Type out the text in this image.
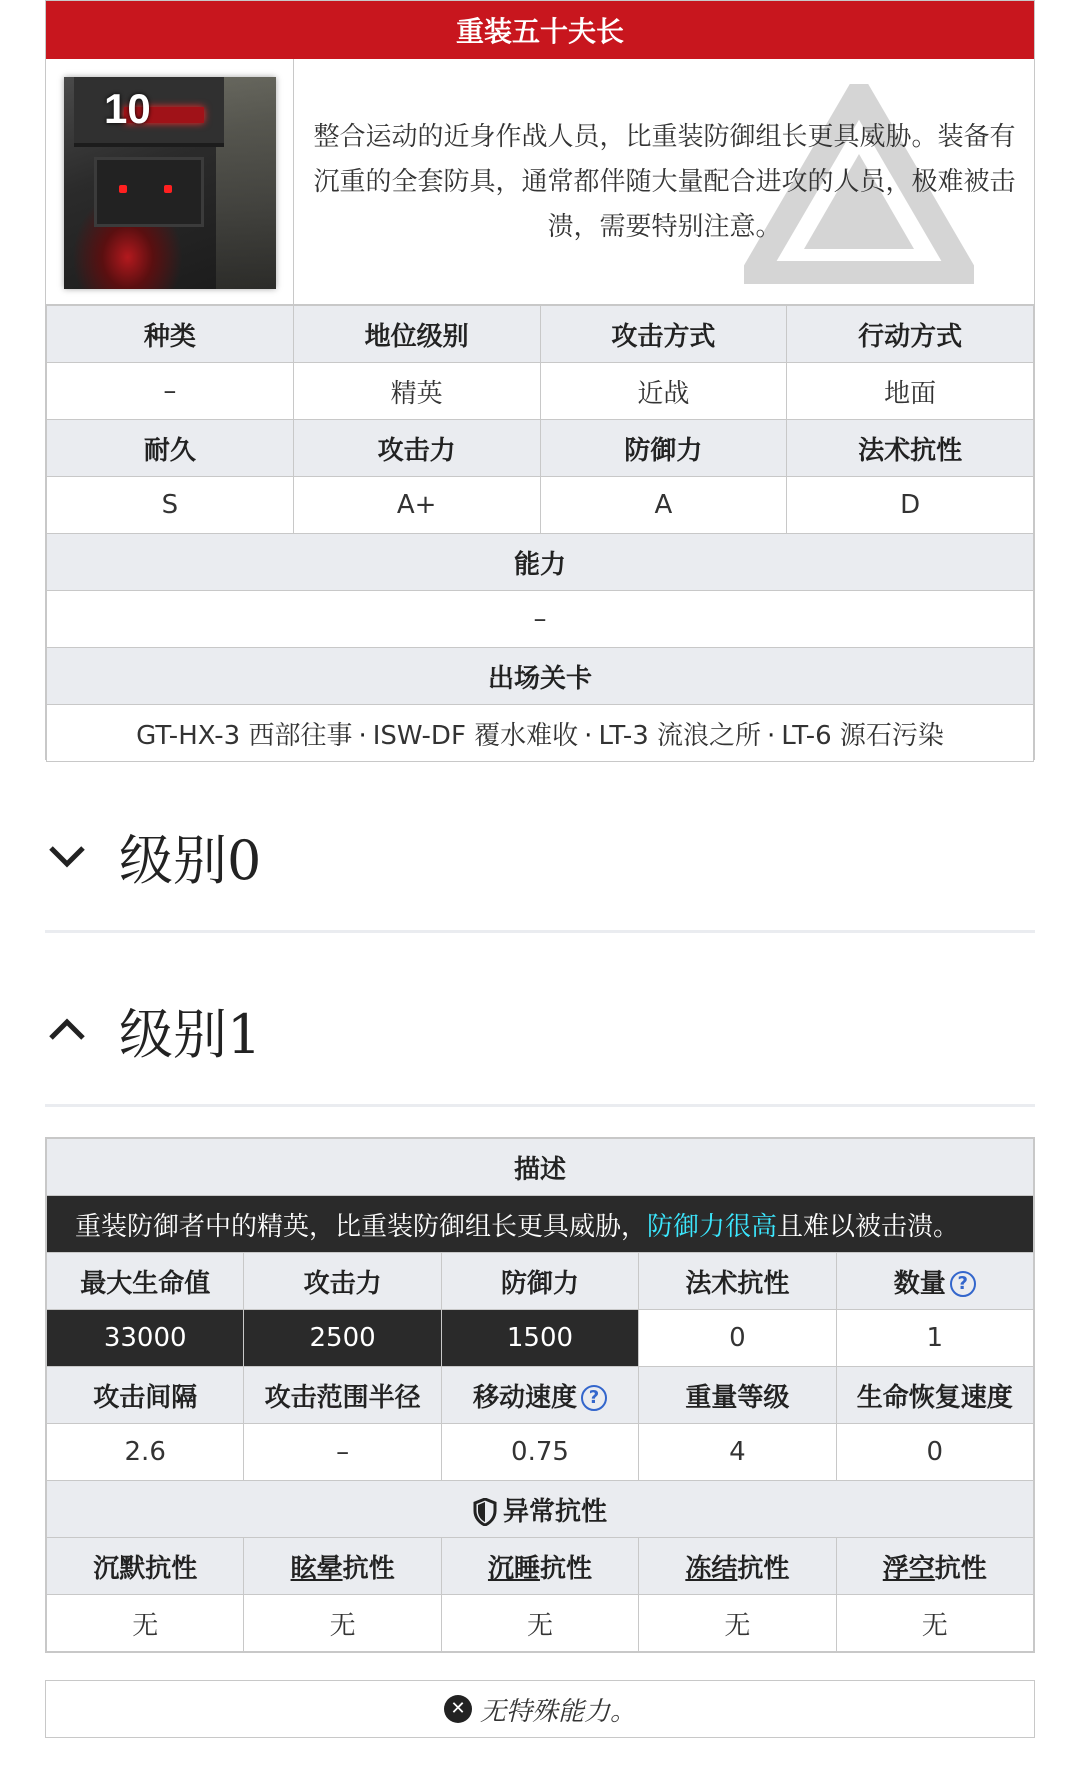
重装五十夫长
10
整合运动的近身作战人员，比重装防御组长更具威胁。装备有沉重的全套防具，通常都伴随大量配合进攻的人员，极难被击溃，需要特别注意。
种类	地位级别	攻击方式	行动方式
–	精英	近战	地面
耐久	攻击力	防御力	法术抗性
S	A+	A	D
能力			
–			
出场关卡			
GT-HX-3 西部往事 · ISW-DF 覆水难收 · LT-3 流浪之所 · LT-6 源石污染			
级别0
级别1
描述				
重装防御者中的精英，比重装防御组长更具威胁，防御力很高且难以被击溃。				
最大生命值	攻击力	防御力	法术抗性	数量 ?
33000	2500	1500	0	1
攻击间隔	攻击范围半径	移动速度 ?	重量等级	生命恢复速度
2.6	–	0.75	4	0
异常抗性				
沉默抗性	眩晕抗性	沉睡抗性	冻结抗性	浮空抗性
无	无	无	无	无
✕ 无特殊能力。
